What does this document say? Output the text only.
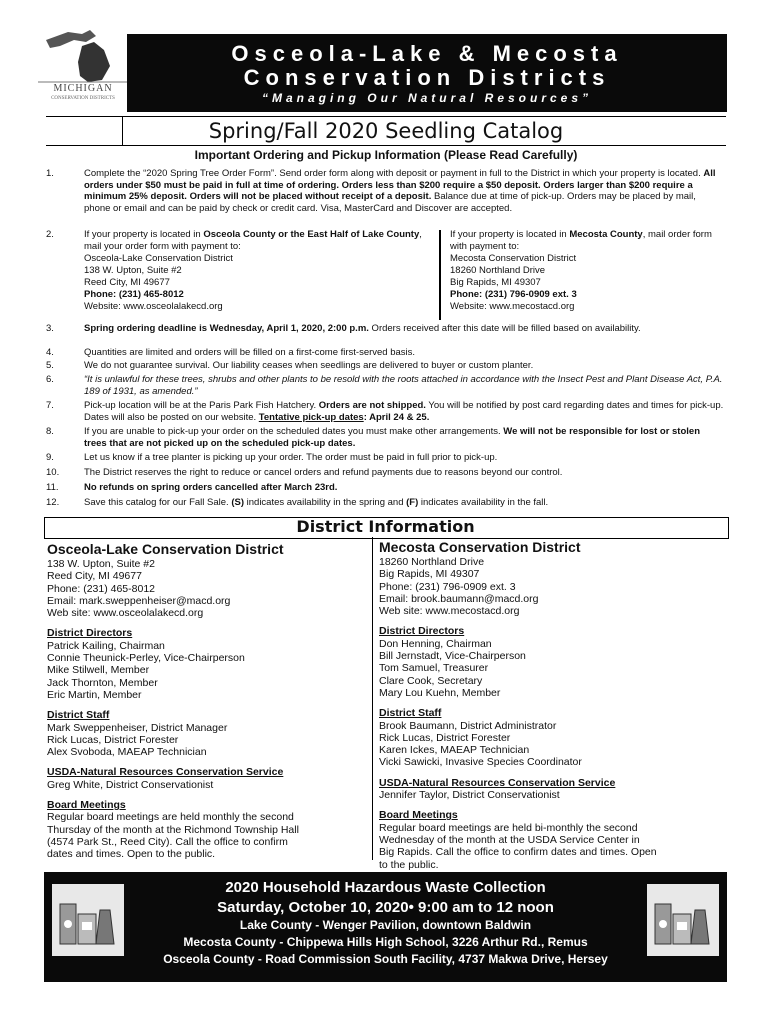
MICHIGAN
CONSERVATION DISTRICTS
Osceola-Lake & Mecosta
Conservation Districts
“Managing Our Natural Resources”
Spring/Fall 2020 Seedling Catalog
Important Ordering and Pickup Information (Please Read Carefully)
1.	Complete the “2020 Spring Tree Order Form”. Send order form along with deposit or payment in full to the District in which your property is located. All orders under $50 must be paid in full at time of ordering. Orders less than $200 require a $50 deposit. Orders larger than $200 require a minimum 25% deposit. Orders will not be placed without receipt of a deposit. Balance due at time of pick-up. Orders may be placed by mail, phone or email and can be paid by check or credit card. Visa, MasterCard and Discover are accepted.
2.	If your property is located in Osceola County or the East Half of Lake County, mail your order form with payment to:
Osceola-Lake Conservation District
138 W. Upton, Suite #2
Reed City, MI 49677
Phone: (231) 465-8012
Website: www.osceolalakecd.org
If your property is located in Mecosta County, mail order form with payment to:
Mecosta Conservation District
18260 Northland Drive
Big Rapids, MI 49307
Phone: (231) 796-0909 ext. 3
Website: www.mecostacd.org
3.	Spring ordering deadline is Wednesday, April 1, 2020, 2:00 p.m. Orders received after this date will be filled based on availability.
4.	Quantities are limited and orders will be filled on a first-come first-served basis.
5.	We do not guarantee survival. Our liability ceases when seedlings are delivered to buyer or custom planter.
6.	“It is unlawful for these trees, shrubs and other plants to be resold with the roots attached in accordance with the Insect Pest and Plant Disease Act, P.A. 189 of 1931, as amended.”
7.	Pick-up location will be at the Paris Park Fish Hatchery. Orders are not shipped. You will be notified by post card regarding dates and times for pick-up. Dates will also be posted on our website. Tentative pick-up dates: April 24 & 25.
8.	If you are unable to pick-up your order on the scheduled dates you must make other arrangements. We will not be responsible for lost or stolen trees that are not picked up on the scheduled pick-up dates.
9.	Let us know if a tree planter is picking up your order. The order must be paid in full prior to pick-up.
10.	The District reserves the right to reduce or cancel orders and refund payments due to reasons beyond our control.
11.	No refunds on spring orders cancelled after March 23rd.
12.	Save this catalog for our Fall Sale. (S) indicates availability in the spring and (F) indicates availability in the fall.
District Information
Osceola-Lake Conservation District
138 W. Upton, Suite #2
Reed City, MI 49677
Phone: (231) 465-8012
Email: mark.sweppenheiser@macd.org
Web site: www.osceolalakecd.org
District Directors
Patrick Kailing, Chairman
Connie Theunick-Perley, Vice-Chairperson
Mike Stilwell, Member
Jack Thornton, Member
Eric Martin, Member
District Staff
Mark Sweppenheiser, District Manager
Rick Lucas, District Forester
Alex Svoboda, MAEAP Technician
USDA-Natural Resources Conservation Service
Greg White, District Conservationist
Board Meetings
Regular board meetings are held monthly the second
Thursday of the month at the Richmond Township Hall
(4574 Park St., Reed City). Call the office to confirm
dates and times. Open to the public.
Mecosta Conservation District
18260 Northland Drive
Big Rapids, MI 49307
Phone: (231) 796-0909 ext. 3
Email: brook.baumann@macd.org
Web site: www.mecostacd.org
District Directors
Don Henning, Chairman
Bill Jernstadt, Vice-Chairperson
Tom Samuel, Treasurer
Clare Cook, Secretary
Mary Lou Kuehn, Member
District Staff
Brook Baumann, District Administrator
Rick Lucas, District Forester
Karen Ickes, MAEAP Technician
Vicki Sawicki, Invasive Species Coordinator
USDA-Natural Resources Conservation Service
Jennifer Taylor, District Conservationist
Board Meetings
Regular board meetings are held bi-monthly the second
Wednesday of the month at the USDA Service Center in
Big Rapids. Call the office to confirm dates and times. Open
to the public.
2020 Household Hazardous Waste Collection
Saturday, October 10, 2020• 9:00 am to 12 noon
Lake County - Wenger Pavilion, downtown Baldwin
Mecosta County - Chippewa Hills High School, 3226 Arthur Rd., Remus
Osceola County - Road Commission South Facility, 4737 Makwa Drive, Hersey
